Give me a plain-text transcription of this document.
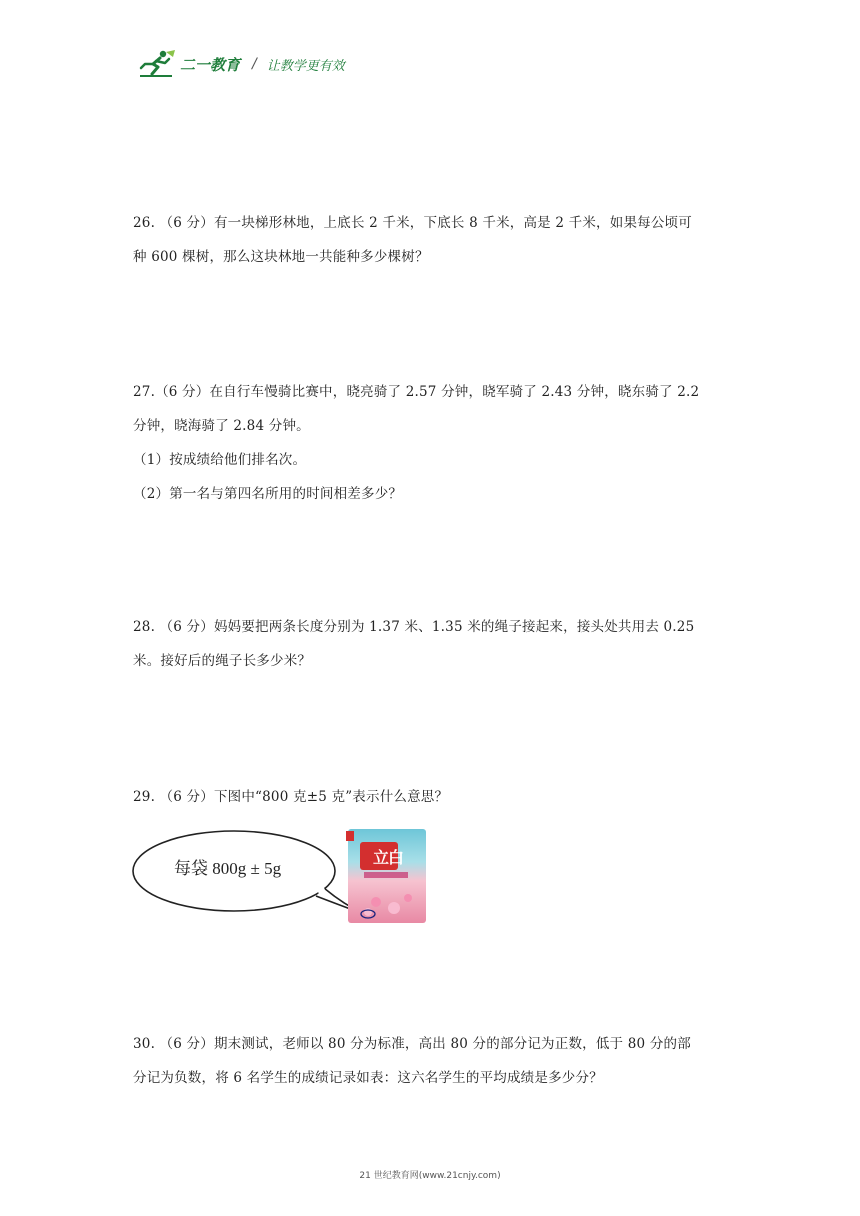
二一教育 / 让教学更有效

26. （6 分）有一块梯形林地，上底长 2 千米，下底长 8 千米，高是 2 千米，如果每公顷可

种 600 棵树，那么这块林地一共能种多少棵树？

27.（6 分）在自行车慢骑比赛中，晓亮骑了 2.57 分钟，晓军骑了 2.43 分钟，晓东骑了 2.2

分钟，晓海骑了 2.84 分钟。

（1）按成绩给他们排名次。

（2）第一名与第四名所用的时间相差多少？

28. （6 分）妈妈要把两条长度分别为 1.37 米、1.35 米的绳子接起来，接头处共用去 0.25

米。接好后的绳子长多少米？

29. （6 分）下图中“800 克±5 克”表示什么意思？

每袋 800g ± 5g
立白

30. （6 分）期末测试，老师以 80 分为标准，高出 80 分的部分记为正数，低于 80 分的部

分记为负数，将 6 名学生的成绩记录如表：这六名学生的平均成绩是多少分？

21 世纪教育网(www.21cnjy.com)
